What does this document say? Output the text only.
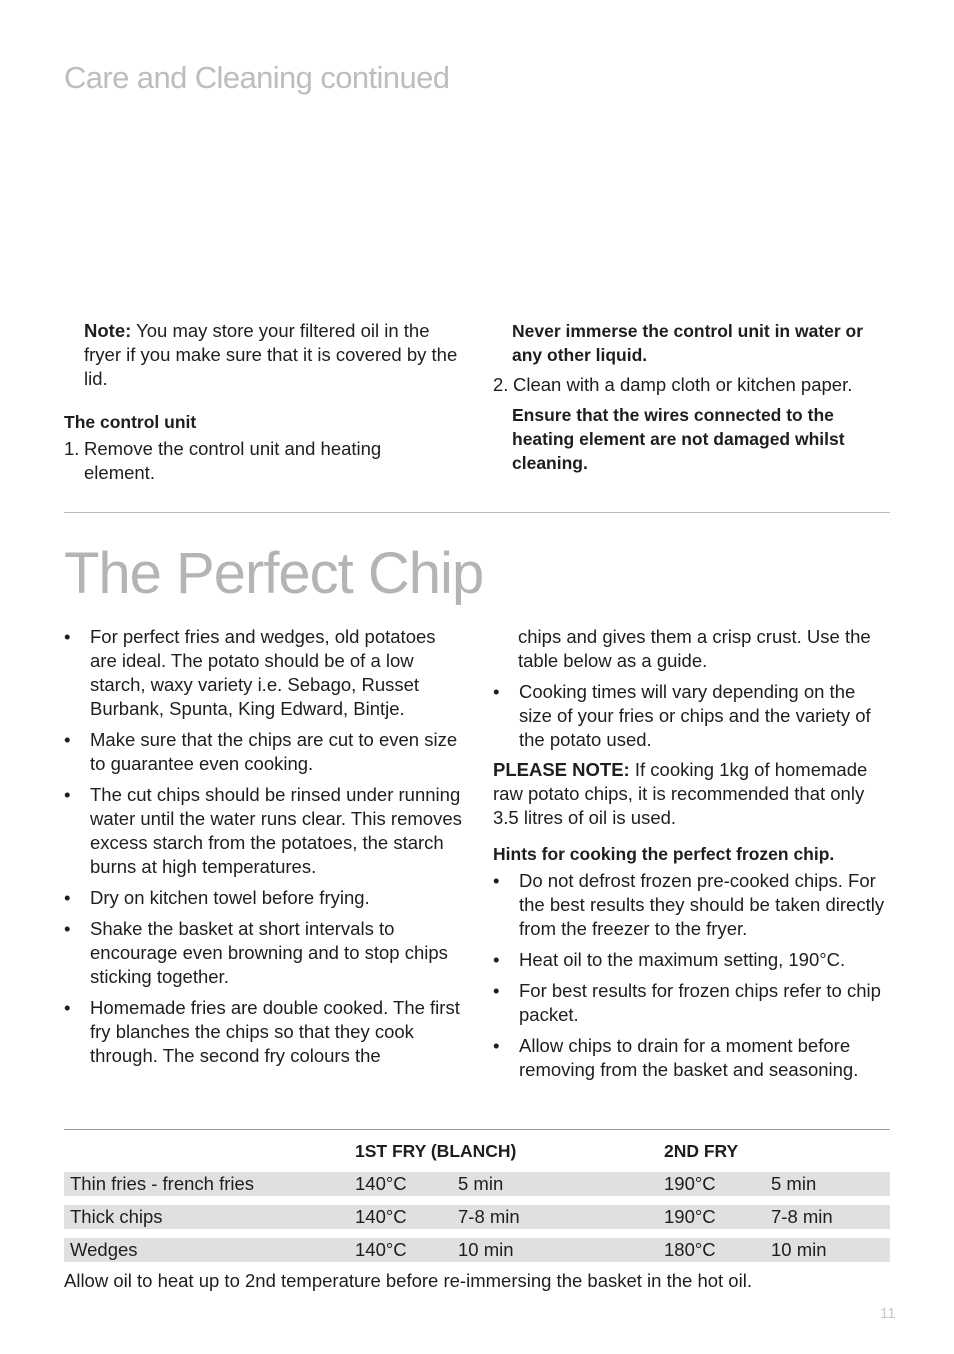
Care and Cleaning continued
Note: You may store your filtered oil in the fryer if you make sure that it is covered by the lid.
The control unit
1. Remove the control unit and heating element.
Never immerse the control unit in water or any other liquid.
2. Clean with a damp cloth or kitchen paper.
Ensure that the wires connected to the heating element are not damaged whilst cleaning.
The Perfect Chip
• For perfect fries and wedges, old potatoes are ideal. The potato should be of a low starch, waxy variety i.e. Sebago, Russet Burbank, Spunta, King Edward, Bintje.
• Make sure that the chips are cut to even size to guarantee even cooking.
• The cut chips should be rinsed under running water until the water runs clear. This removes excess starch from the potatoes, the starch burns at high temperatures.
• Dry on kitchen towel before frying.
• Shake the basket at short intervals to encourage even browning and to stop chips sticking together.
• Homemade fries are double cooked. The first fry blanches the chips so that they cook through. The second fry colours the
chips and gives them a crisp crust. Use the table below as a guide.
• Cooking times will vary depending on the size of your fries or chips and the variety of the potato used.
PLEASE NOTE: If cooking 1kg of homemade raw potato chips, it is recommended that only 3.5 litres of oil is used.
Hints for cooking the perfect frozen chip.
• Do not defrost frozen pre-cooked chips. For the best results they should be taken directly from the freezer to the fryer.
• Heat oil to the maximum setting, 190°C.
• For best results for frozen chips refer to chip packet.
• Allow chips to drain for a moment before removing from the basket and seasoning.
	1ST FRY (BLANCH)		2ND FRY	
Thin fries - french fries	140°C	5 min	190°C	5 min
Thick chips	140°C	7-8 min	190°C	7-8 min
Wedges	140°C	10 min	180°C	10 min
Allow oil to heat up to 2nd temperature before re-immersing the basket in the hot oil.
11
